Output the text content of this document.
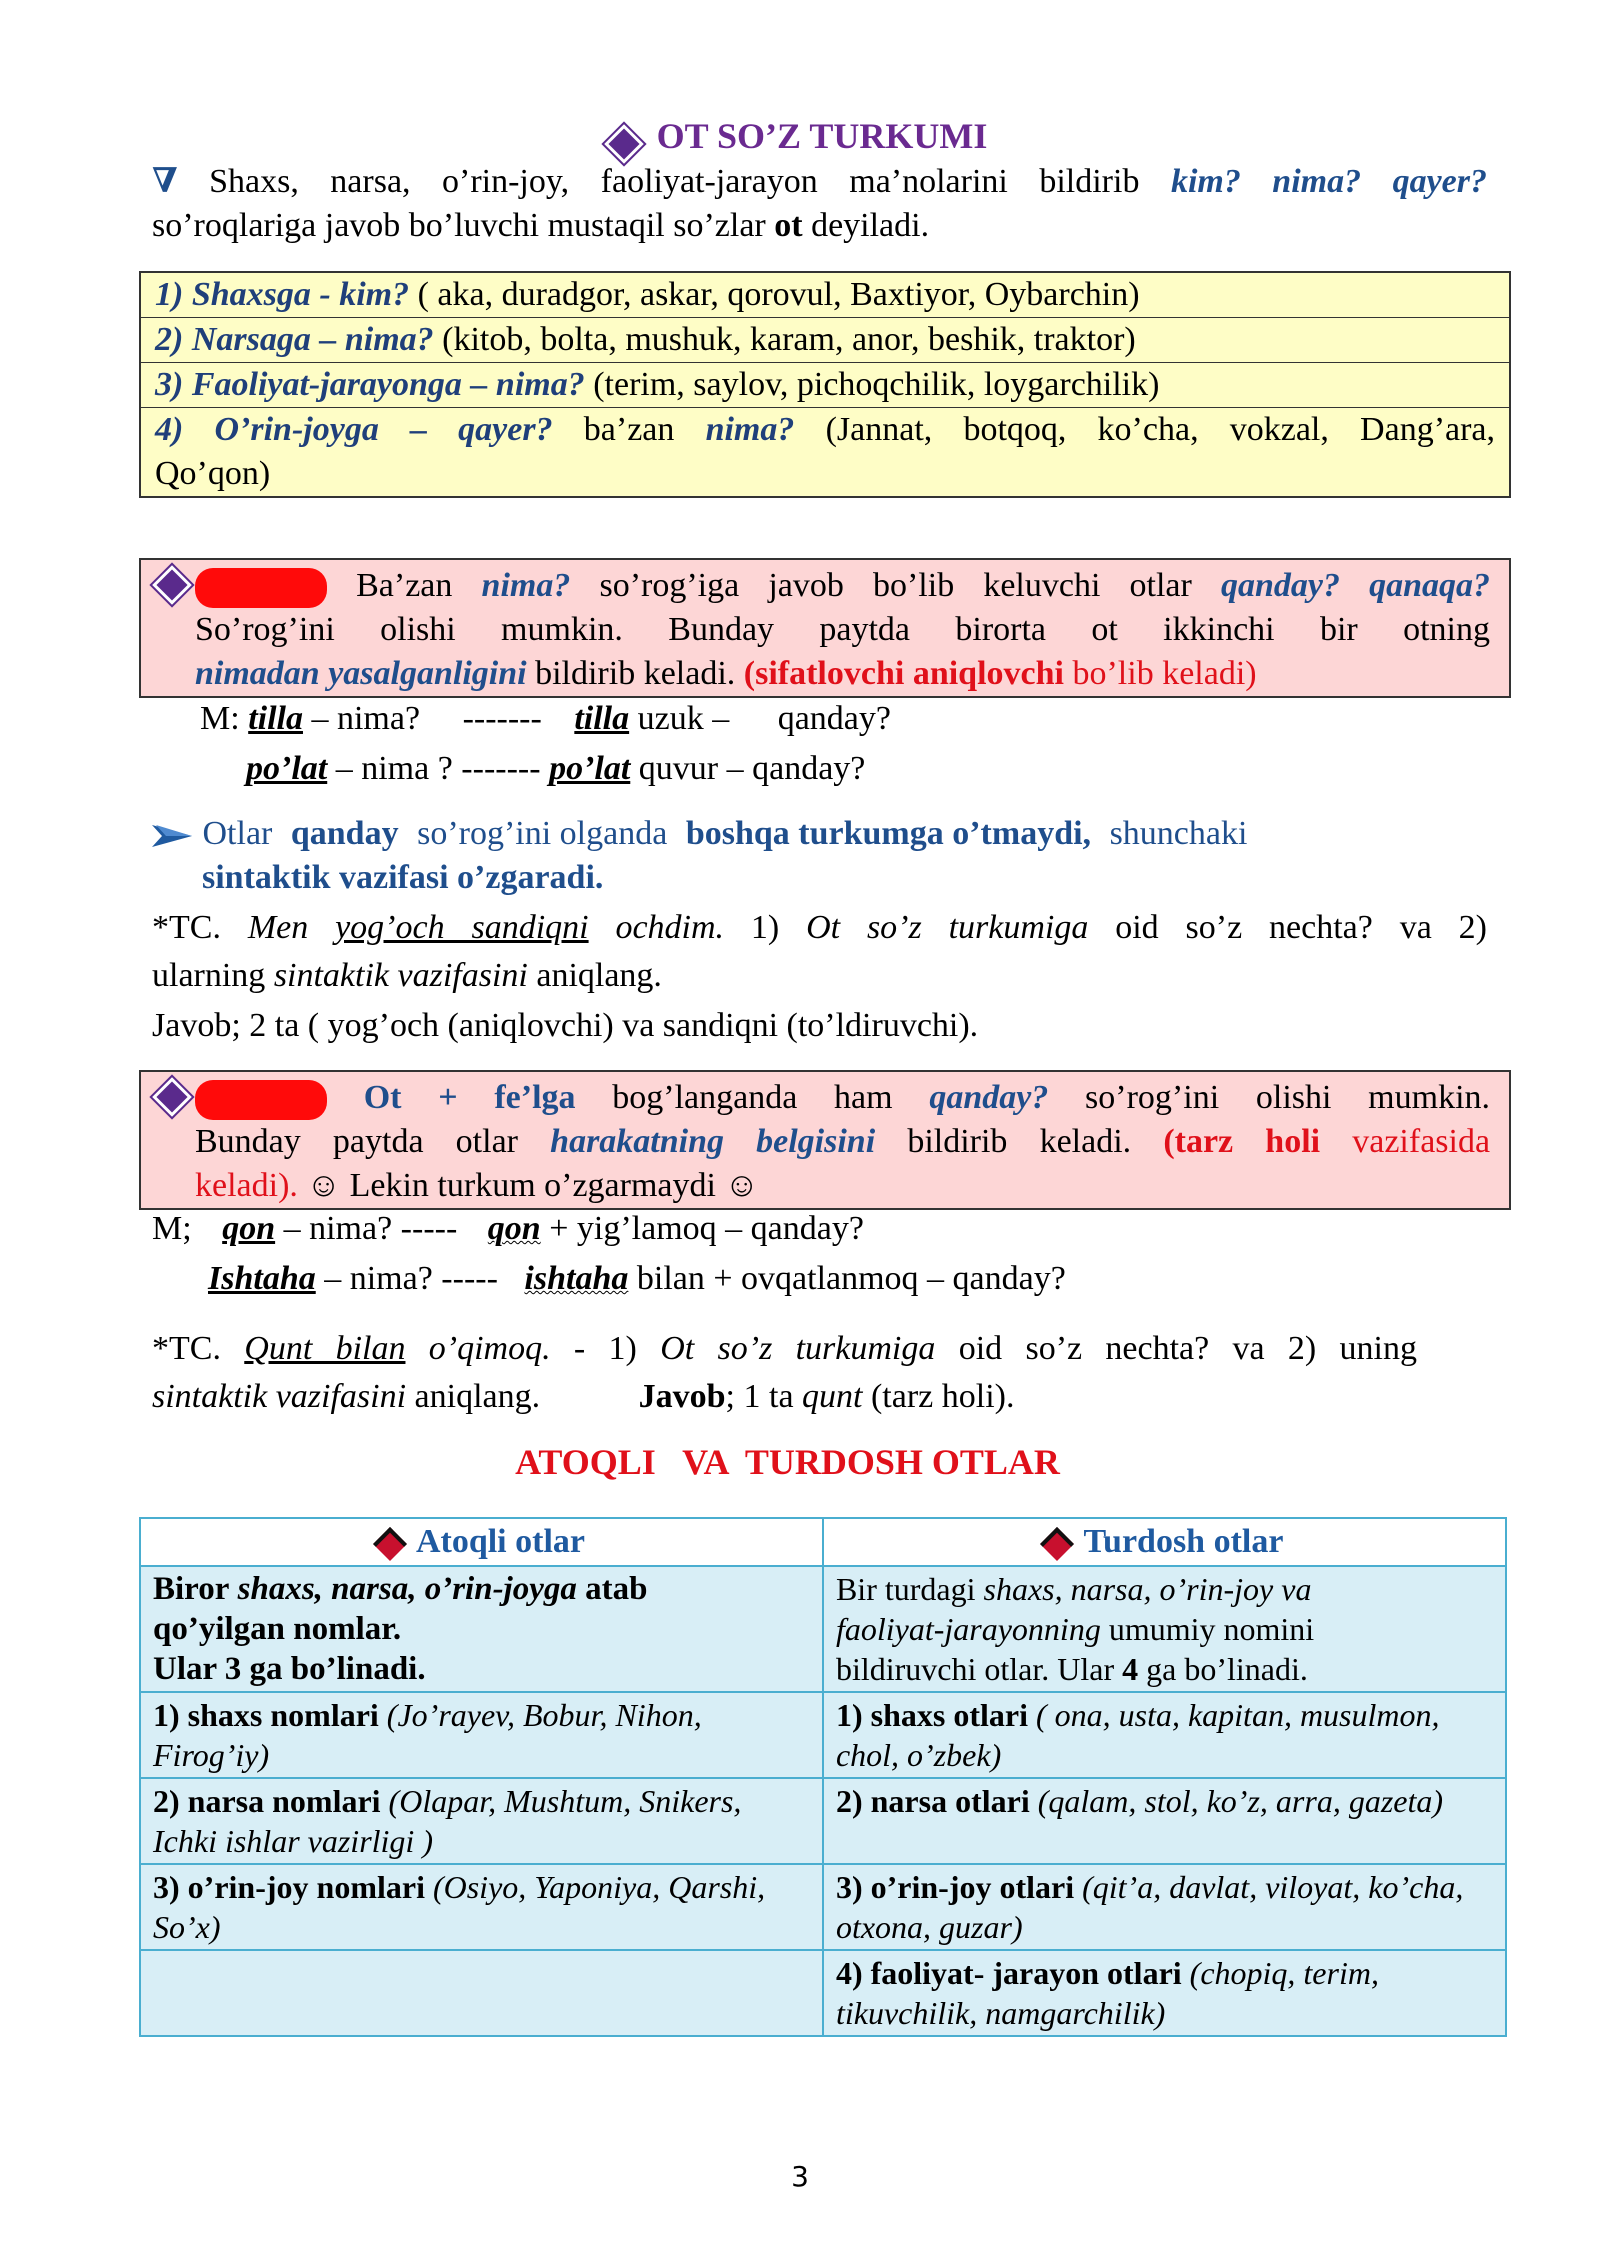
OT SO’Z TURKUMI
∇ Shaxs, narsa, o’rin-joy, faoliyat-jarayon ma’nolarini bildirib kim? nima? qayer?
so’roqlariga javob bo’luvchi mustaqil so’zlar ot deyiladi.
1) Shaxsga - kim? ( aka, duradgor, askar, qorovul, Baxtiyor, Oybarchin)
2) Narsaga – nima? (kitob, bolta, mushuk, karam, anor, beshik, traktor)
3) Faoliyat-jarayonga – nima? (terim, saylov, pichoqchilik, loygarchilik)
4) O’rin-joyga – qayer? ba’zan nima? (Jannat, botqoq, ko’cha, vokzal, Dang’ara,
Qo’qon)
Ba’zan nima? so’rog’iga javob bo’lib keluvchi otlar qanday? qanaqa?
So’rog’ini olishi mumkin. Bunday paytda birorta ot ikkinchi bir otning
nimadan yasalganligini bildirib keladi. (sifatlovchi aniqlovchi bo’lib keladi)
M: tilla – nima? ------- tilla uzuk – qanday?
po’lat – nima ? ------- po’lat quvur – qanday?
Otlar qanday so’rog’ini olganda boshqa turkumga o’tmaydi, shunchaki
sintaktik vazifasi o’zgaradi.
*TC. Men yog’och sandiqni ochdim. 1) Ot so’z turkumiga oid so’z nechta? va 2)
ularning sintaktik vazifasini aniqlang.
Javob; 2 ta ( yog’och (aniqlovchi) va sandiqni (to’ldiruvchi).
Ot + fe’lga bog’langanda ham qanday? so’rog’ini olishi mumkin.
Bunday paytda otlar harakatning belgisini bildirib keladi. (tarz holi vazifasida
keladi). ☺ Lekin turkum o’zgarmaydi ☺
M; qon – nima? ----- qon + yig’lamoq – qanday?
Ishtaha – nima? ----- ishtaha bilan + ovqatlanmoq – qanday?
*TC. Qunt bilan o’qimoq. - 1) Ot so’z turkumiga oid so’z nechta? va 2) uning
sintaktik vazifasini aniqlang.	Javob; 1 ta qunt (tarz holi).
ATOQLI   VA  TURDOSH OTLAR
Atoqli otlar	Turdosh otlar
Biror shaxs, narsa, o’rin-joyga atab
qo’yilgan nomlar.
Ular 3 ga bo’linadi.	Bir turdagi shaxs, narsa, o’rin-joy va
faoliyat-jarayonning umumiy nomini
bildiruvchi otlar. Ular 4 ga bo’linadi.
1) shaxs nomlari (Jo’rayev, Bobur, Nihon, Firog’iy)	1) shaxs otlari ( ona, usta, kapitan, musulmon, chol, o’zbek)
2) narsa nomlari (Olapar, Mushtum, Snikers, Ichki ishlar vazirligi )	2) narsa otlari (qalam, stol, ko’z, arra, gazeta)
3) o’rin-joy nomlari (Osiyo, Yaponiya, Qarshi, So’x)	3) o’rin-joy otlari (qit’a, davlat, viloyat, ko’cha, otxona, guzar)
	4) faoliyat- jarayon otlari (chopiq, terim, tikuvchilik, namgarchilik)
3
